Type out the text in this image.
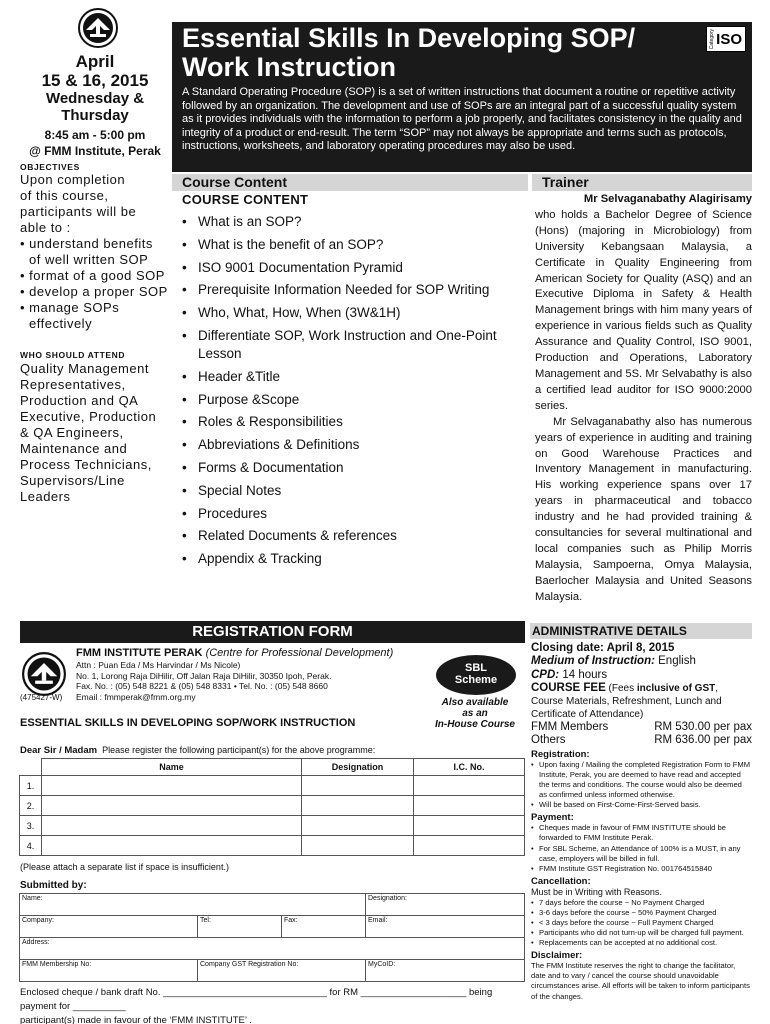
April
15 & 16, 2015
Wednesday &
Thursday
8:45 am - 5:00 pm
@ FMM Institute, Perak
OBJECTIVES
Upon completion
of this course,
participants will be
able to :
• understand benefits
of well written SOP
• format of a good SOP
• develop a proper SOP
• manage SOPs
effectively
WHO SHOULD ATTEND
Quality Management
Representatives,
Production and QA
Executive, Production
& QA Engineers,
Maintenance and
Process Technicians,
Supervisors/Line
Leaders
Essential Skills In Developing SOP/
Work Instruction
Category ISO
A Standard Operating Procedure (SOP) is a set of written instructions that document a routine or repetitive activity followed by an organization. The development and use of SOPs are an integral part of a successful quality system as it provides individuals with the information to perform a job properly, and facilitates consistency in the quality and integrity of a product or end-result. The term “SOP” may not always be appropriate and terms such as protocols, instructions, worksheets, and laboratory operating procedures may also be used.
Course Content	Trainer
COURSE CONTENT
• What is an SOP?
• What is the benefit of an SOP?
• ISO 9001 Documentation Pyramid
• Prerequisite Information Needed for SOP Writing
• Who, What, How, When (3W&1H)
• Differentiate SOP, Work Instruction and One-Point Lesson
• Header &Title
• Purpose &Scope
• Roles & Responsibilities
• Abbreviations & Definitions
• Forms & Documentation
• Special Notes
• Procedures
• Related Documents & references
• Appendix & Tracking
Mr Selvaganabathy Alagirisamy

who holds a Bachelor Degree of Science (Hons) (majoring in Microbiology) from University Kebangsaan Malaysia, a Certificate in Quality Engineering from American Society for Quality (ASQ) and an Executive Diploma in Safety & Health Management brings with him many years of experience in various fields such as Quality Assurance and Quality Control, ISO 9001, Production and Operations, Laboratory Management and 5S. Mr Selvabathy is also a certified lead auditor for ISO 9000:2000 series.

Mr Selvaganabathy also has numerous years of experience in auditing and training on Good Warehouse Practices and Inventory Management in manufacturing. His working experience spans over 17 years in pharmaceutical and tobacco industry and he had provided training & consultancies for several multinational and local companies such as Philip Morris Malaysia, Sampoerna, Omya Malaysia, Baerlocher Malaysia and United Seasons Malaysia.

REGISTRATION FORM
(475427-W)
FMM INSTITUTE PERAK (Centre for Professional Development)
Attn : Puan Eda / Ms Harvindar / Ms Nicole)
No. 1, Lorong Raja DiHilir, Off Jalan Raja DiHilir, 30350 Ipoh, Perak.
Fax. No. : (05) 548 8221 & (05) 548 8331 • Tel. No. : (05) 548 8660
Email : fmmperak@fmm.org.my
SBL
Scheme
Also available
as an
In-House Course
ESSENTIAL SKILLS IN DEVELOPING SOP/WORK INSTRUCTION
Dear Sir / Madam Please register the following participant(s) for the above programme:
	Name	Designation	I.C. No.
1.			
2.			
3.			
4.			
(Please attach a separate list if space is insufficient.)
Submitted by:
Name:			Designation:
Company:	Tel:	Fax:	Email:
Address:			
FMM Membership No:	Company GST Registration No:		MyCoID:
Enclosed cheque / bank draft No. _______________________________ for RM ____________________ being payment for __________
participant(s) made in favour of the ‘FMM INSTITUTE’ .
ADMINISTRATIVE DETAILS
Closing date: April 8, 2015
Medium of Instruction: English
CPD: 14 hours
COURSE FEE (Fees inclusive of GST, Course Materials, Refreshment, Lunch and Certificate of Attendance)
FMM Members	RM 530.00 per pax
Others	RM 636.00 per pax
Registration:
• Upon faxing / Mailing the completed Registration Form to FMM Institute, Perak, you are deemed to have read and accepted the terms and conditions. The course would also be deemed as confirmed unless informed otherwise.
• Will be based on First-Come-First-Served basis.
Payment:
• Cheques made in favour of FMM INSTITUTE should be forwarded to FMM Institute Perak.
• For SBL Scheme, an Attendance of 100% is a MUST, in any case, employers will be billed in full.
• FMM Institute GST Registration No. 001764515840
Cancellation:
Must be in Writing with Reasons.
• 7 days before the course ~ No Payment Charged
• 3-6 days before the course ~ 50% Payment Charged
• < 3 days before the course ~ Full Payment Charged
• Participants who did not turn-up will be charged full payment.
• Replacements can be accepted at no additional cost.
Disclaimer:
The FMM Institute reserves the right to change the facilitator, date and to vary / cancel the course should unavoidable circumstances arise. All efforts will be taken to inform participants of the changes.
